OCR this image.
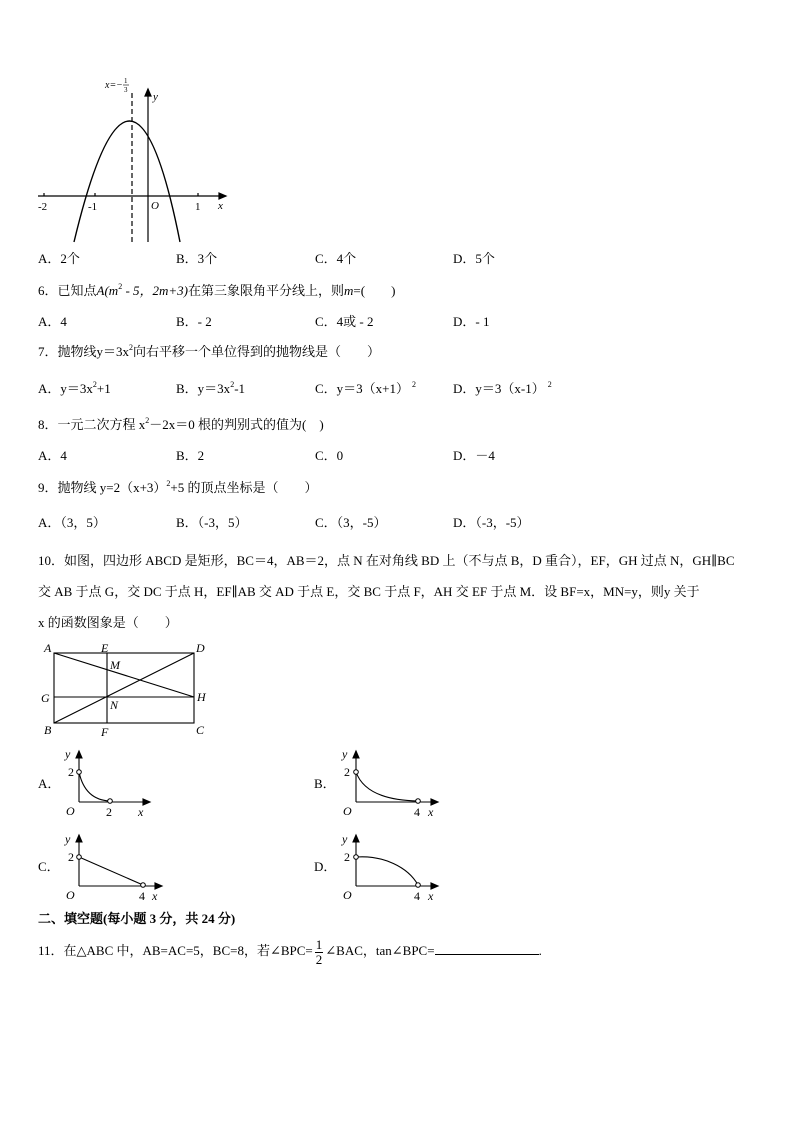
x=− 1
3
y
x
O
-2	-1	1
A．2个	B．3个	C．4个	D．5个
6．已知点$A(m^2 - 5$，2m+3)在第三象限角平分线上，则m=(　　)
A．4	B．- 2	C．4或 - 2	D．- 1
7．抛物线$y=3x^2$向右平移一个单位得到的抛物线是（　　）
A．$y=3x^2+1$	B．$y=3x^2-1$	C．y＝3（x+1） $^2$	D．y＝3（x-1） $^2$
8．一元二次方程 $x^2-2x=0$ 根的判别式的值为(　)
A．4	B．2	C．0	D．－4
9．抛物线 $y=2(x+3)^2+5$ 的顶点坐标是（　　）
A．（3，5）	B．（-3，5）	C．（3，-5）	D．（-3，-5）
10．如图，四边形 ABCD 是矩形，BC＝4，AB＝2，点 N 在对角线 BD 上（不与点 B，D 重合），EF，GH 过点 N，GH∥BC
交 AB 于点 G，交 DC 于点 H，EF∥AB 交 AD 于点 E，交 BC 于点 F，AH 交 EF 于点 M．设 BF=x，MN=y，则y 关于
x 的函数图象是（　　）
A	E	D
M
G	H
N
B	F	C
A．
y
2
O	2 x
B．
y
2
O	4 x
C．
y
2
O	4 x
D．
y
2
O	4 x
二、填空题(每小题 3 分，共 24 分)
11．在△ABC 中，AB=AC=5，BC=8，若∠BPC= $\frac{1}{2}$ ∠BAC，tan∠BPC=	.
